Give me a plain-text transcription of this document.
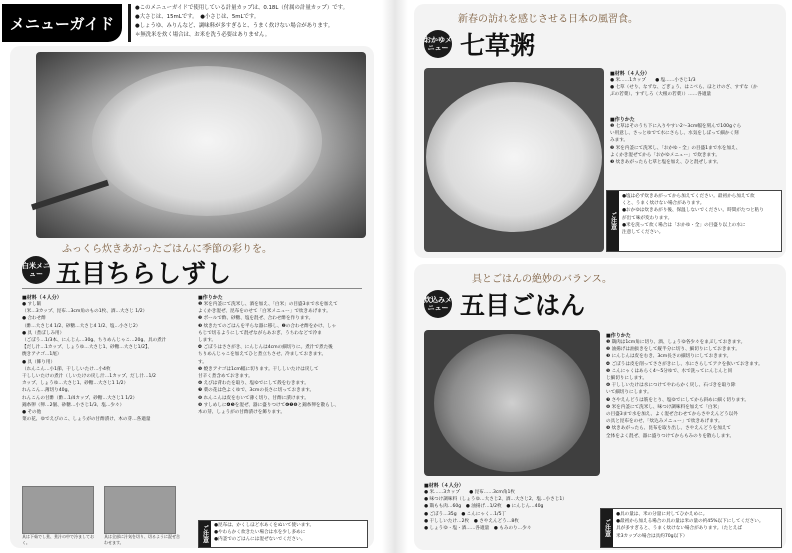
メニューガイド
●このメニューガイドで使用している計量カップは、0.18L（付属の計量カップ）です。
●大さじは、15mLです。　●小さじは、5mLです。
●しょうゆ、みりんなど、調味料が多すぎると、うまく炊けない場合があります。
＊無洗米を炊く場合は、お米を洗う必要はありません。
ふっくら炊きあがったごはんに季節の彩りを。
白米メニュー 五目ちらしずし
■材料（４人分）
● すし飯
（米…3カップ、昆布…3cm角のもの1枚、酒…大さじ 1/2）
● 合わせ酢
（酢…大さじ4 1/2、砂糖…大さじ4 1/2、塩…小さじ2）
● 具（煮ぼしみ用）
（ごぼう…1/3本、にんじん…30g、ちりめんじゃこ…20g、具の煮汁
【だし汁…1カップ、しょうゆ…大さじ1、砂糖…大さじ1/2】、
焼きアナゴ…1尾）
● 具（飾り用）
（れんこん…小1節、干ししいたけ…小4枚
干ししいたけの煮汁（しいたけの戻し汁…1カップ、だし汁…1/2
カップ、しょうゆ…大さじ1、砂糖…大さじ1 1/2）
れんこん…薄切り40g、
れんこんの甘酢（酢…1/4カップ、砂糖…大さじ1 1/2）
錦糸卵（卵…2個、砂糖…小さじ1/3、塩…少々）
● その他
菜の花、ゆでえびのこ、しょうがの甘酢漬け、木の芽…各適量
具は下茹でし煮、煮汁の中で冷ましておく。
具は全部に汁気を切り、切るように混ぜ合わせます。
■作りかた
❶ 米を内釜にて洗米し、酒を加え、「白米」の目盛3まで水を加えて
よくかき混ぜ、昆布をのせて「白米メニュー」で炊きあげます。
❷ ボールで酢、砂糖、塩を混ぜ、合わせ酢を作ります。
❸ 炊きたてのごはんを平らな器に移し、❷の合わせ酢をかけ、しゃ
もじで切るようにして混ぜながらあおぎ、うちわなどで冷ま
します。
❹ ごぼうはささがき、にんじんは4cmの細切りに。煮汁で煮た後
ちりめんじゃこを加えてひと煮立ちさせ、冷ましておきます。
す。
❺ 焼きアナゴは1cm幅に切ります。干ししいたけは戻して
甘辛く煮含めておきます。
❻ えびは背わたを取り、塩ゆでにして殻をむきます。
❼ 菜の花は色よくゆで、3cmの長さに切っておきます。
❽ れんこんは皮をむいて薄く切り、甘酢に漬けます。
❾ すしめしに❹❺を混ぜ、器に盛りつけて❻❼❽と錦糸卵を散らし、
木の芽、しょうがの甘酢漬けを飾ります。
ご注意	●昆布は、かくしほど水あくをぬいて使います。
●やわらかく炊きたい場合は水を少し多めに
●内釜でのごはんには混ぜないでください。
新春の訪れを感じさせる日本の風習食。
おかゆメニュー 七草粥
■材料（４人分）
● 米……1カップ　　● 塩……小さじ1/3
● 七草（せり、なずな、ごぎょう、はこべら、ほとけのざ、すずな（か
ぶの若菜）、すずしろ（大根の若菜））……各適量
■作りかた
❶ 七草はそのうち下に入りやすい2〜3cm幅を刻んで100gぐら
い用意し、さっとゆでて水にさらし、水気をしぼって細かく刻
みます。
❷ 米を内釜にて洗米し、「おかゆ・全」の目盛1まで水を加え、
よくかき混ぜてから「おかゆメニュー」で炊きます。
❸ 炊きあがったら七草と塩を加え、ひと混ぜします。
ご注意
●塩は必ず炊きあがってから加えてください。最初から加えて炊
くと、うまく炊けない場合があります。
●おかゆは炊きあがり後、保温しないでください。時間がたつと粘り
が出て味が変わります。
●米を洗って炊く場合は「おかゆ・全」の目盛り以上の水に
注意してください。
具とごはんの絶妙のバランス。
炊込みメニュー 五目ごはん
■材料（４人分）
● 米……3カップ　　● 昆布……3cm角1枚
● 味つけ調味料（しょうゆ…大さじ2、酒…大さじ2、塩…小さじ1）
● 鶏もも肉…60g　● 油揚げ…1/2枚　● にんじん…40g
● ごぼう…35g　● こんにゃく…1/5丁
● 干ししいたけ…2枚　● さやえんどう…8枚
● しょうゆ・塩・酒……各適量　● もみのり…少々
■作りかた
❶ 鶏肉は1cm角に切り、酒、しょうゆ各少々をまぶしておきます。
❷ 油揚げは油抜きをして縦半分に切り、細切りにしておきます。
❸ にんじんは皮をむき、3cm長さの細切りにしておきます。
❹ ごぼうは皮を削ってささがきにし、水にさらしてアクを抜いておきます。
❺ こんにゃくはあらく4〜5分ゆで、水で洗ってにんじんと同
じ細切りにします。
❻ 干ししいたけは水につけてやわらかく戻し、石づきを取り除
いて細切りにします。
❼ さやえんどうは筋をとり、塩ゆでにしてから斜めに細く切ります。
❽ 米を内釜にて洗米し、味つけ調味料を加えて「白米」
の目盛3まで水を加え、よく混ぜ合わせてからさやえんどう以外
の具と昆布をのせ、「炊込みメニュー」で炊きあげます。
❾ 炊きあがったら、昆布を取り出し、さやえんどうを加えて
全体をよく混ぜ、器に盛りつけてからもみのりを散らします。
ご注意
●具の量は、米の分量に対してひかえめに。
●最初から加える場合の具の量は米の量の約45%以下にしてください。
具が多すぎると、うまく炊けない場合があります。（たとえば
米3カップの場合は具約70g以下）
